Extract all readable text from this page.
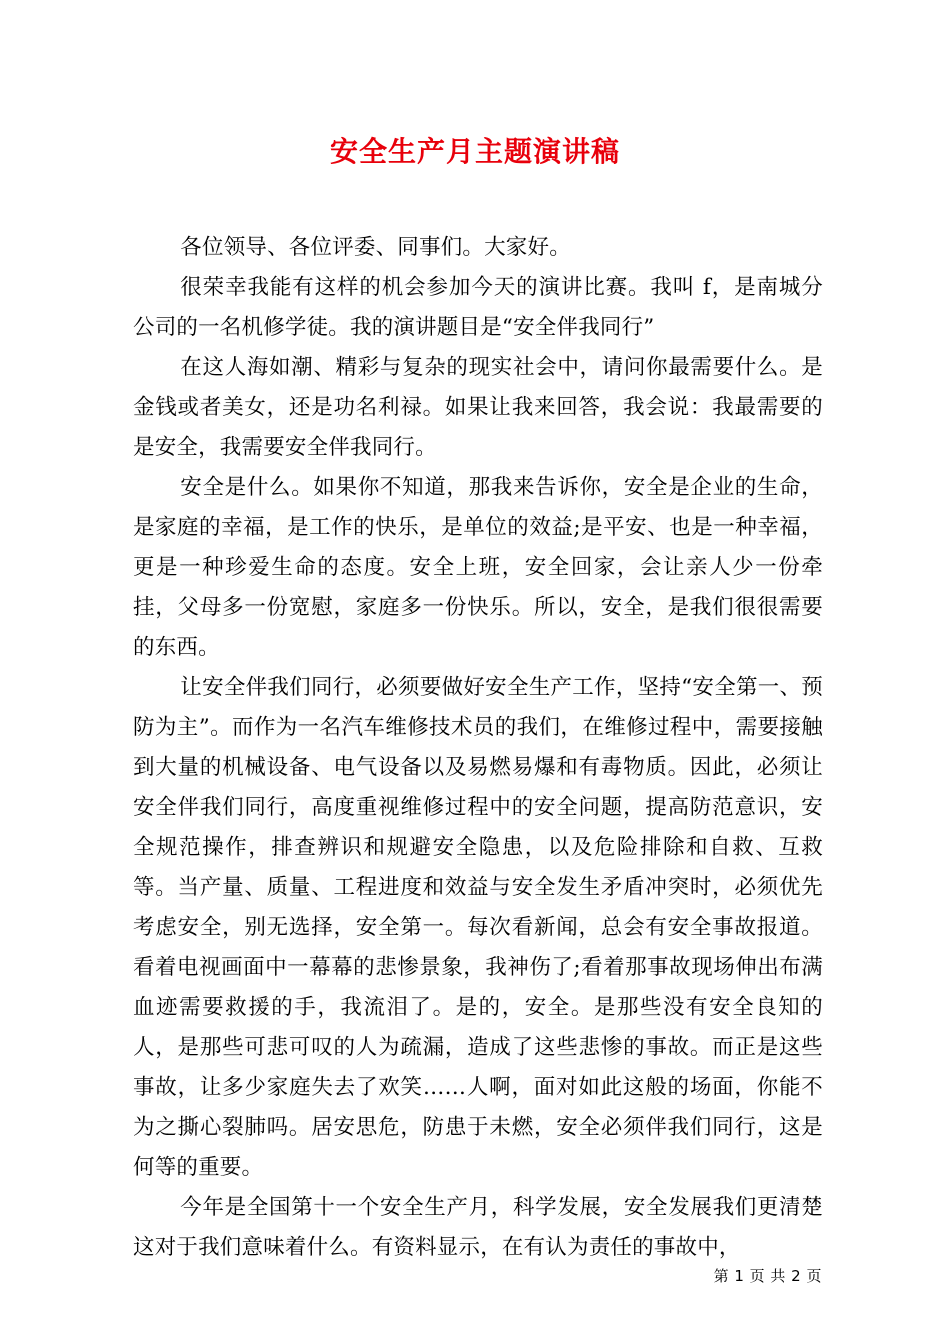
安全生产月主题演讲稿

各位领导、各位评委、同事们。大家好。

很荣幸我能有这样的机会参加今天的演讲比赛。我叫 f，是南城分公司的一名机修学徒。我的演讲题目是“安全伴我同行”

在这人海如潮、精彩与复杂的现实社会中，请问你最需要什么。是金钱或者美女，还是功名利禄。如果让我来回答，我会说：我最需要的是安全，我需要安全伴我同行。

安全是什么。如果你不知道，那我来告诉你，安全是企业的生命，是家庭的幸福，是工作的快乐，是单位的效益;是平安、也是一种幸福，更是一种珍爱生命的态度。安全上班，安全回家，会让亲人少一份牵挂，父母多一份宽慰，家庭多一份快乐。所以，安全，是我们很很需要的东西。

让安全伴我们同行，必须要做好安全生产工作，坚持“安全第一、预防为主”。而作为一名汽车维修技术员的我们，在维修过程中，需要接触到大量的机械设备、电气设备以及易燃易爆和有毒物质。因此，必须让安全伴我们同行，高度重视维修过程中的安全问题，提高防范意识，安全规范操作，排查辨识和规避安全隐患，以及危险排除和自救、互救等。当产量、质量、工程进度和效益与安全发生矛盾冲突时，必须优先考虑安全，别无选择，安全第一。每次看新闻，总会有安全事故报道。看着电视画面中一幕幕的悲惨景象，我神伤了;看着那事故现场伸出布满血迹需要救援的手，我流泪了。是的，安全。是那些没有安全良知的人，是那些可悲可叹的人为疏漏，造成了这些悲惨的事故。而正是这些事故，让多少家庭失去了欢笑……人啊，面对如此这般的场面，你能不为之撕心裂肺吗。居安思危，防患于未燃，安全必须伴我们同行，这是何等的重要。

今年是全国第十一个安全生产月，科学发展，安全发展我们更清楚这对于我们意味着什么。有资料显示，在有认为责任的事故中，

第 1 页 共 2 页
